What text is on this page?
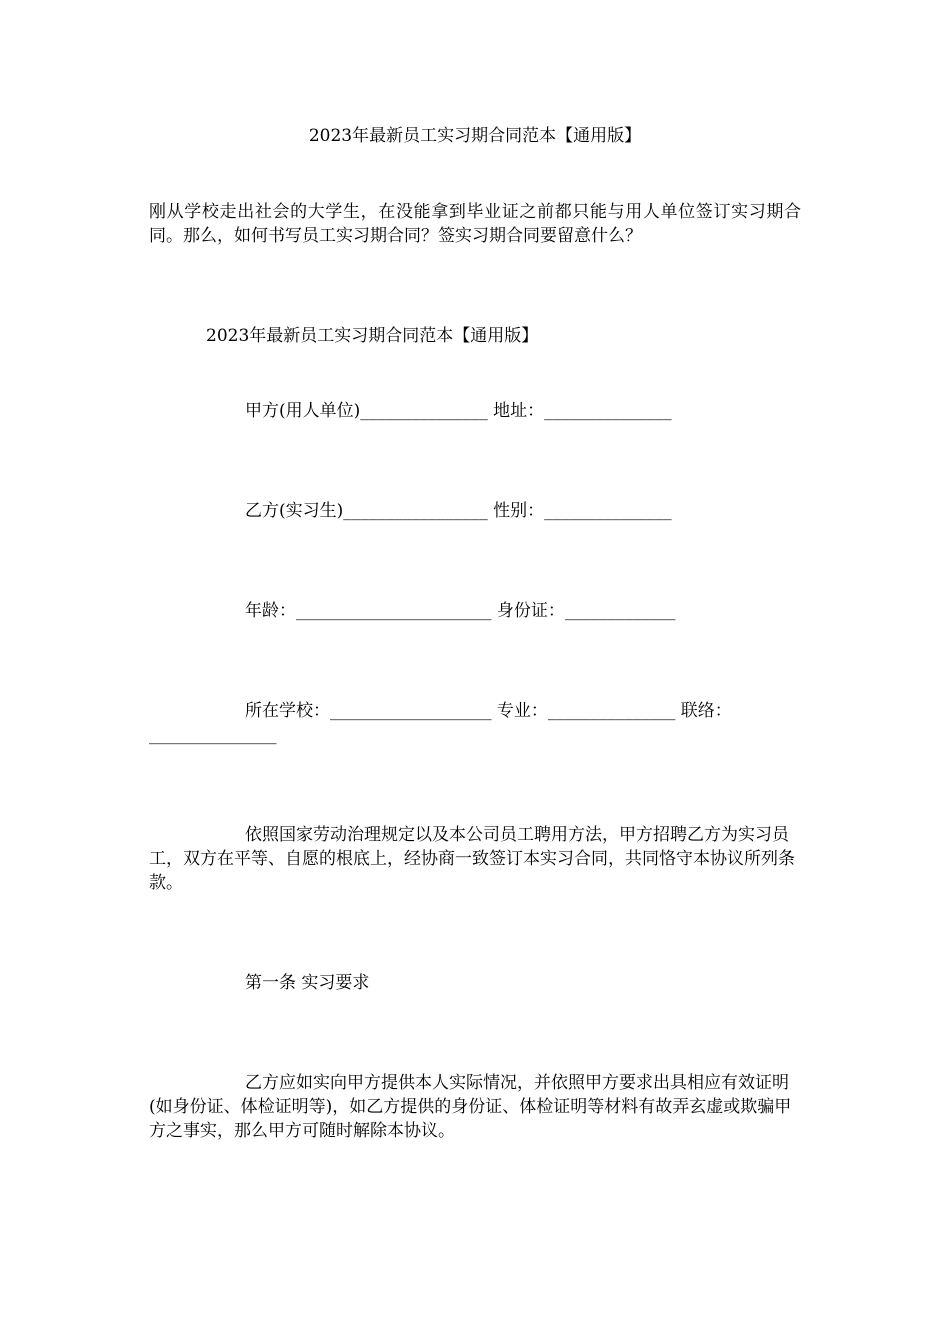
2023年最新员工实习期合同范本【通用版】
刚从学校走出社会的大学生，在没能拿到毕业证之前都只能与用人单位签订实习期合同。那么，如何书写员工实习期合同？签实习期合同要留意什么？
2023年最新员工实习期合同范本【通用版】
甲方(用人单位)_______________ 地址：_______________
乙方(实习生)_________________ 性别：_______________
年龄：_______________________ 身份证：_____________
所在学校：___________________ 专业：_______________ 联络：
_______________
依照国家劳动治理规定以及本公司员工聘用方法，甲方招聘乙方为实习员工，双方在平等、自愿的根底上，经协商一致签订本实习合同，共同恪守本协议所列条款。
第一条 实习要求
乙方应如实向甲方提供本人实际情况，并依照甲方要求出具相应有效证明(如身份证、体检证明等)，如乙方提供的身份证、体检证明等材料有故弄玄虚或欺骗甲方之事实，那么甲方可随时解除本协议。
